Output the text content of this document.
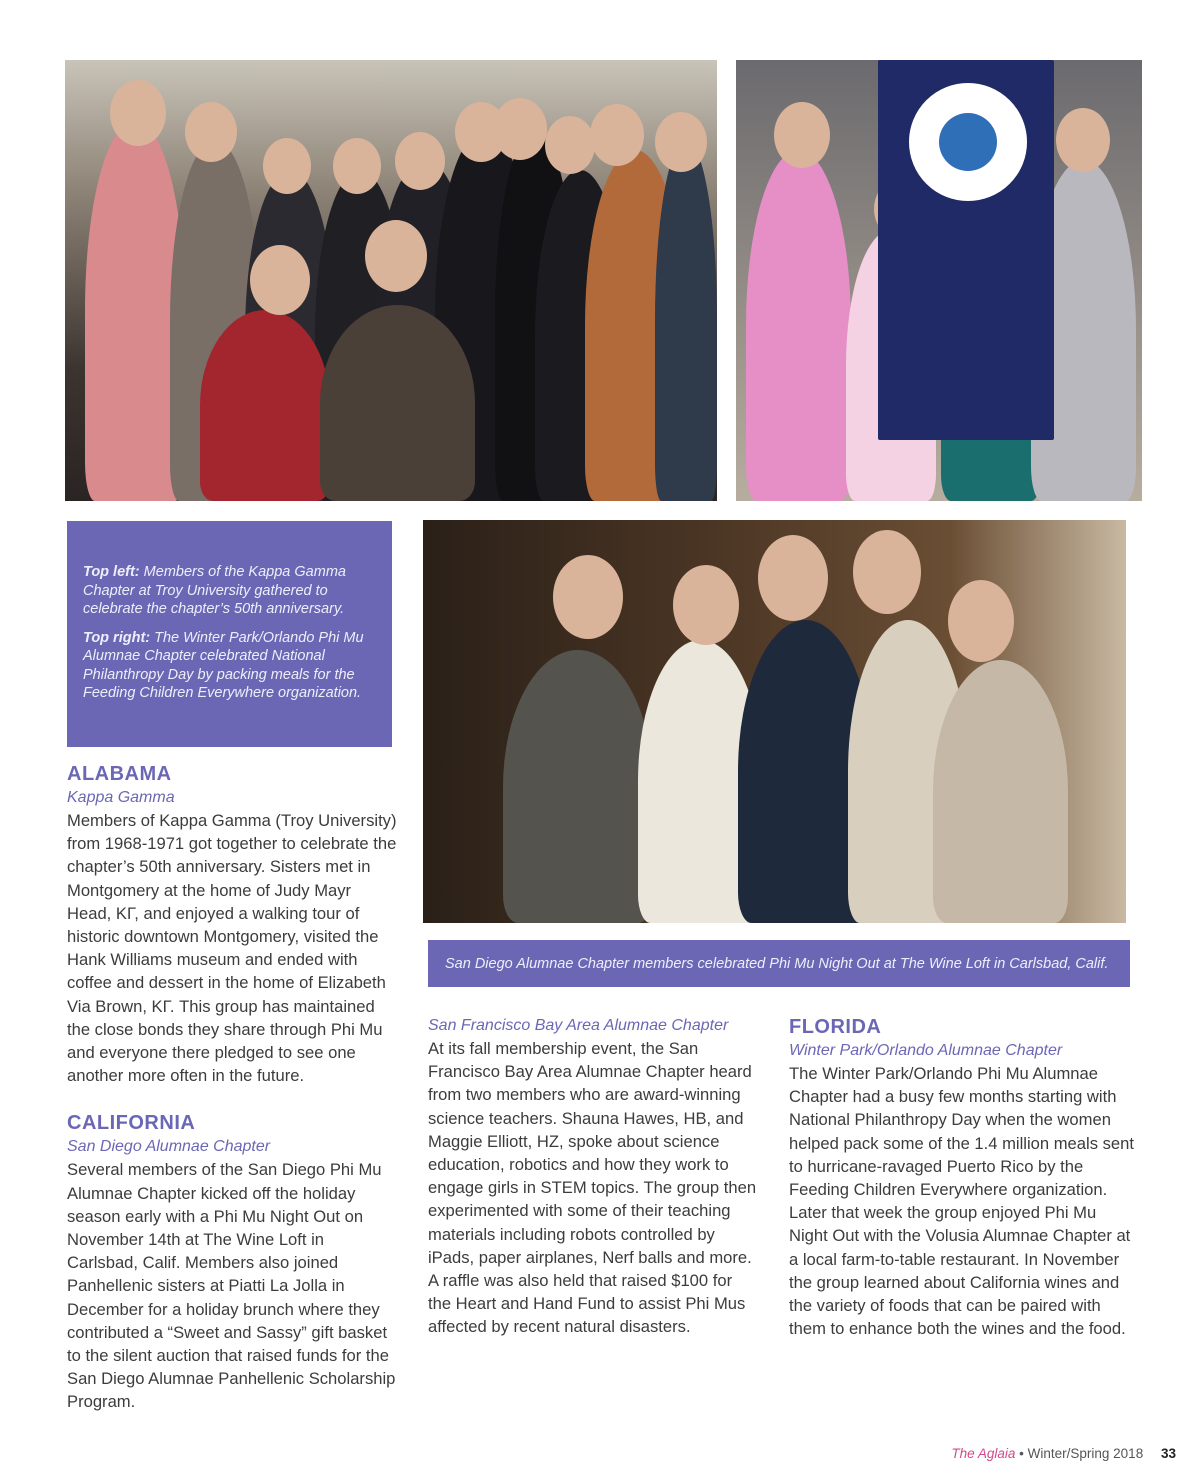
Top left: Members of the Kappa Gamma Chapter at Troy University gathered to celebrate the chapter’s 50th anniversary.

Top right: The Winter Park/Orlando Phi Mu Alumnae Chapter celebrated National Philanthropy Day by packing meals for the Feeding Children Everywhere organization.

San Diego Alumnae Chapter members celebrated Phi Mu Night Out at The Wine Loft in Carlsbad, Calif.
ALABAMA

Kappa Gamma

Members of Kappa Gamma (Troy University) from 1968-1971 got together to celebrate the chapter’s 50th anniversary. Sisters met in Montgomery at the home of Judy Mayr Head, KΓ, and enjoyed a walking tour of historic downtown Montgomery, visited the Hank Williams museum and ended with coffee and dessert in the home of Elizabeth Via Brown, KΓ. This group has maintained the close bonds they share through Phi Mu and everyone there pledged to see one another more often in the future.

CALIFORNIA

San Diego Alumnae Chapter

Several members of the San Diego Phi Mu Alumnae Chapter kicked off the holiday season early with a Phi Mu Night Out on November 14th at The Wine Loft in Carlsbad, Calif. Members also joined Panhellenic sisters at Piatti La Jolla in December for a holiday brunch where they contributed a “Sweet and Sassy” gift basket to the silent auction that raised funds for the San Diego Alumnae Panhellenic Scholarship Program.

San Francisco Bay Area Alumnae Chapter

At its fall membership event, the San Francisco Bay Area Alumnae Chapter heard from two members who are award-winning science teachers. Shauna Hawes, HB, and Maggie Elliott, HZ, spoke about science education, robotics and how they work to engage girls in STEM topics. The group then experimented with some of their teaching materials including robots controlled by iPads, paper airplanes, Nerf balls and more. A raffle was also held that raised $100 for the Heart and Hand Fund to assist Phi Mus affected by recent natural disasters.

FLORIDA

Winter Park/Orlando Alumnae Chapter

The Winter Park/Orlando Phi Mu Alumnae Chapter had a busy few months starting with National Philanthropy Day when the women helped pack some of the 1.4 million meals sent to hurricane-ravaged Puerto Rico by the Feeding Children Everywhere organization. Later that week the group enjoyed Phi Mu Night Out with the Volusia Alumnae Chapter at a local farm-to-table restaurant. In November the group learned about California wines and the variety of foods that can be paired with them to enhance both the wines and the food.

The Aglaia • Winter/Spring 2018 33
